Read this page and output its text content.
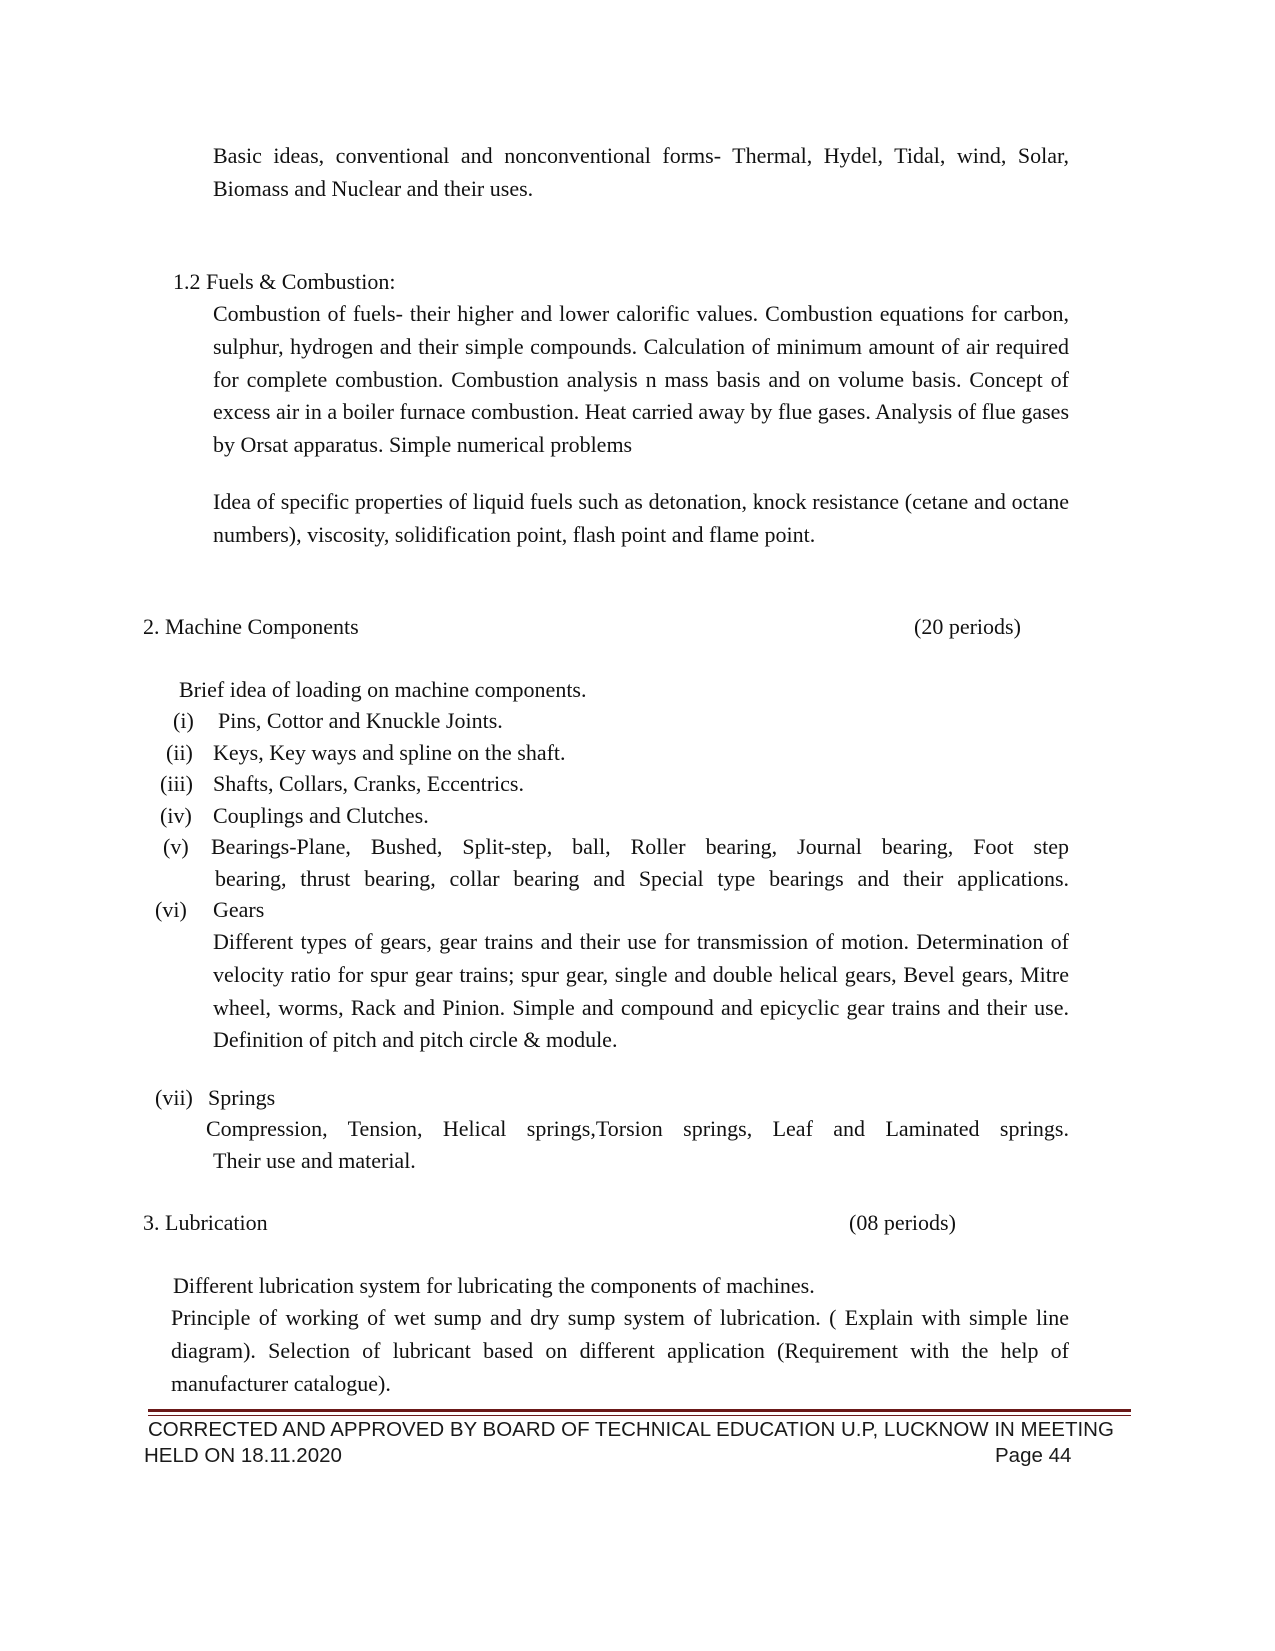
Basic ideas, conventional and nonconventional forms- Thermal, Hydel, Tidal, wind, Solar, Biomass and Nuclear and their uses.
1.2 Fuels & Combustion:
Combustion of fuels- their higher and lower calorific values. Combustion equations for carbon, sulphur, hydrogen and their simple compounds. Calculation of minimum amount of air required for complete combustion. Combustion analysis n mass basis and on volume basis. Concept of excess air in a boiler furnace combustion. Heat carried away by flue gases. Analysis of flue gases by Orsat apparatus. Simple numerical problems
Idea of specific properties of liquid fuels such as detonation, knock resistance (cetane and octane numbers), viscosity, solidification point, flash point and flame point.
2. Machine Components	(20 periods)
Brief idea of loading on machine components.
(i) Pins, Cottor and Knuckle Joints.
(ii) Keys, Key ways and spline on the shaft.
(iii) Shafts, Collars, Cranks, Eccentrics.
(iv) Couplings and Clutches.
(v) Bearings-Plane, Bushed, Split-step, ball, Roller bearing, Journal bearing, Foot step
bearing, thrust bearing, collar bearing and Special type bearings and their applications.
(vi) Gears
Different types of gears, gear trains and their use for transmission of motion. Determination of velocity ratio for spur gear trains; spur gear, single and double helical gears, Bevel gears, Mitre wheel, worms, Rack and Pinion. Simple and compound and epicyclic gear trains and their use. Definition of pitch and pitch circle & module.
(vii) Springs
Compression, Tension, Helical springs,Torsion springs, Leaf and Laminated springs.
Their use and material.
3. Lubrication	(08 periods)
Different lubrication system for lubricating the components of machines.
Principle of working of wet sump and dry sump system of lubrication. ( Explain with simple line diagram). Selection of lubricant based on different application (Requirement with the help of manufacturer catalogue).
CORRECTED AND APPROVED BY BOARD OF TECHNICAL EDUCATION U.P, LUCKNOW IN MEETING
HELD ON 18.11.2020	Page 44
